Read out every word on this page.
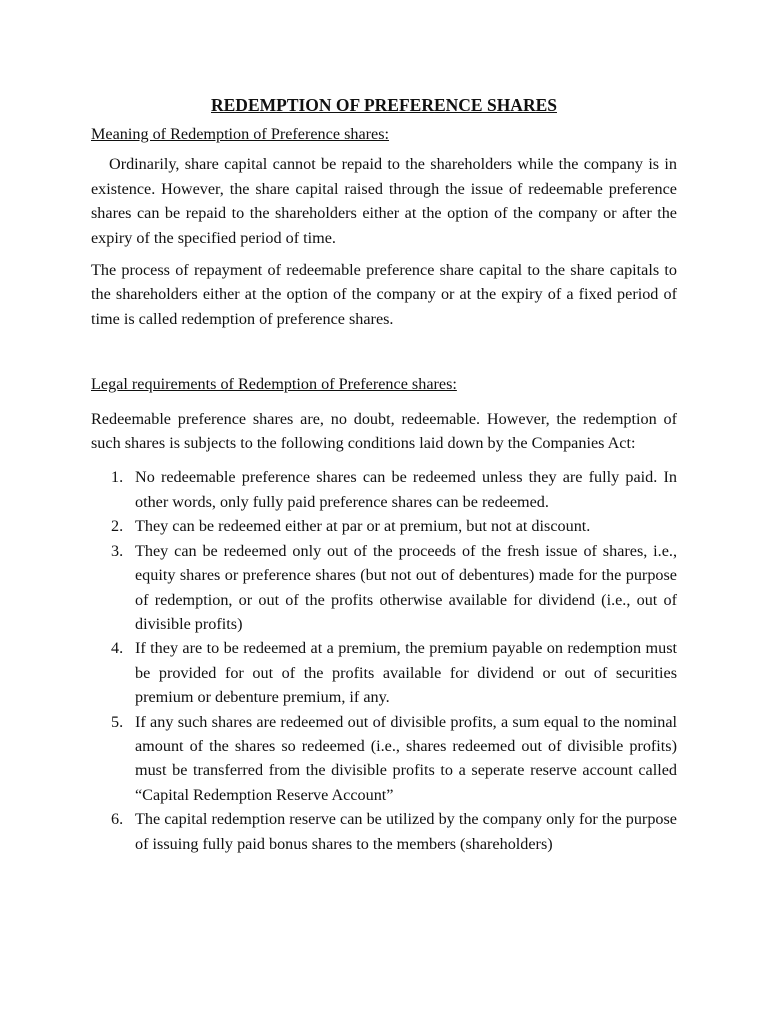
REDEMPTION OF PREFERENCE SHARES
Meaning of Redemption of Preference shares:

Ordinarily, share capital cannot be repaid to the shareholders while the company is in existence. However, the share capital raised through the issue of redeemable preference shares can be repaid to the shareholders either at the option of the company or after the expiry of the specified period of time.

The process of repayment of redeemable preference share capital to the share capitals to the shareholders either at the option of the company or at the expiry of a fixed period of time is called redemption of preference shares.

Legal requirements of Redemption of Preference shares:

Redeemable preference shares are, no doubt, redeemable. However, the redemption of such shares is subjects to the following conditions laid down by the Companies Act:

1. No redeemable preference shares can be redeemed unless they are fully paid. In other words, only fully paid preference shares can be redeemed.
2. They can be redeemed either at par or at premium, but not at discount.
3. They can be redeemed only out of the proceeds of the fresh issue of shares, i.e., equity shares or preference shares (but not out of debentures) made for the purpose of redemption, or out of the profits otherwise available for dividend (i.e., out of divisible profits)
4. If they are to be redeemed at a premium, the premium payable on redemption must be provided for out of the profits available for dividend or out of securities premium or debenture premium, if any.
5. If any such shares are redeemed out of divisible profits, a sum equal to the nominal amount of the shares so redeemed (i.e., shares redeemed out of divisible profits) must be transferred from the divisible profits to a seperate reserve account called “Capital Redemption Reserve Account”
6. The capital redemption reserve can be utilized by the company only for the purpose of issuing fully paid bonus shares to the members (shareholders)
